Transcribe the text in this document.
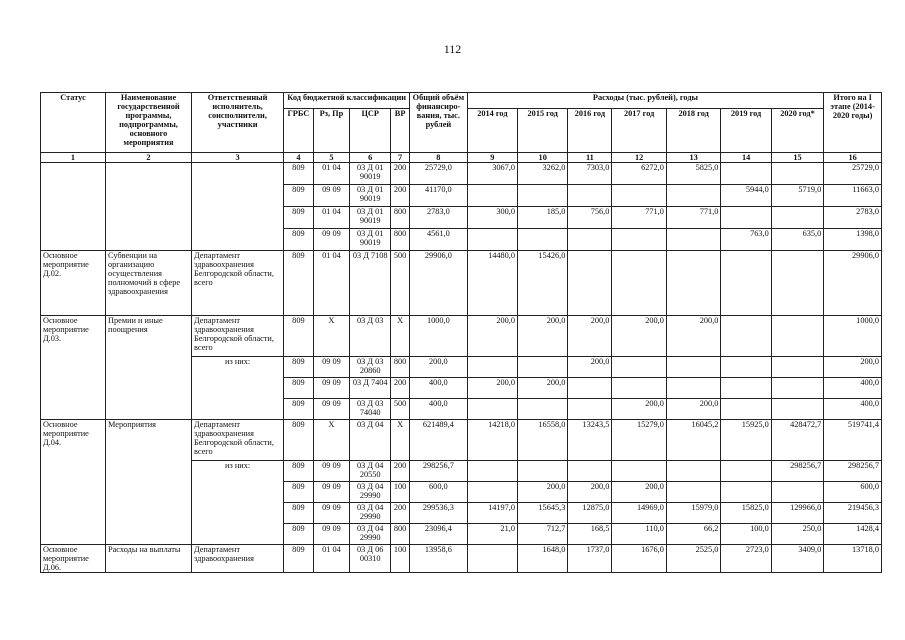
112
Статус	Наименование государственной программы, подпрограммы, основного мероприятия	Ответственный исполнитель, соисполнители, участники	Код бюджетной классификации				Общий объём финансиро-вания, тыс. рублей	Расходы (тыс. рублей), годы							Итого на I этапе (2014-2020 годы)
			ГРБС	Рз, Пр	ЦСР	ВР		2014 год	2015 год	2016 год	2017 год	2018 год	2019 год	2020 год*	
1	2	3	4	5	6	7	8	9	10	11	12	13	14	15	16
			809	01 04	03 Д 01 90019	200	25729,0	3067,0	3262,0	7303,0	6272,0	5825,0			25729,0
			809	09 09	03 Д 01 90019	200	41170,0						5944,0	5719,0	11663,0
			809	01 04	03 Д 01 90019	800	2783,0	300,0	185,0	756,0	771,0	771,0			2783,0
			809	09 09	03 Д 01 90019	800	4561,0						763,0	635,0	1398,0
Основное мероприятие Д.02.	Субвенции на организацию осуществления полномочий в сфере здравоохранения	Департамент здравоохранения Белгородской области, всего	809	01 04	03 Д 7108	500	29906,0	14480,0	15426,0						29906,0
Основное мероприятие Д.03.	Премии и иные поощрения	Департамент здравоохранения Белгородской области, всего	809	Х	03 Д 03	Х	1000,0	200,0	200,0	200,0	200,0	200,0			1000,0
		из них:	809	09 09	03 Д 03 20860	800	200,0			200,0					200,0
			809	09 09	03 Д 7404	200	400,0	200,0	200,0						400,0
			809	09 09	03 Д 03 74040	500	400,0				200,0	200,0			400,0
Основное мероприятие Д.04.	Мероприятия	Департамент здравоохранения Белгородской области, всего	809	Х	03 Д 04	Х	621489,4	14218,0	16558,0	13243,5	15279,0	16045,2	15925,0	428472,7	519741,4
		из них:	809	09 09	03 Д 04 20550	200	298256,7							298256,7	298256,7
			809	09 09	03 Д 04 29990	100	600,0		200,0	200,0	200,0				600,0
			809	09 09	03 Д 04 29990	200	299536,3	14197,0	15645,3	12875,0	14969,0	15979,0	15825,0	129966,0	219456,3
			809	09 09	03 Д 04 29990	800	23096,4	21,0	712,7	168,5	110,0	66,2	100,0	250,0	1428,4
Основное мероприятие Д.06.	Расходы на выплаты	Департамент здравоохранения	809	01 04	03 Д 06 00310	100	13958,6		1648,0	1737,0	1676,0	2525,0	2723,0	3409,0	13718,0
